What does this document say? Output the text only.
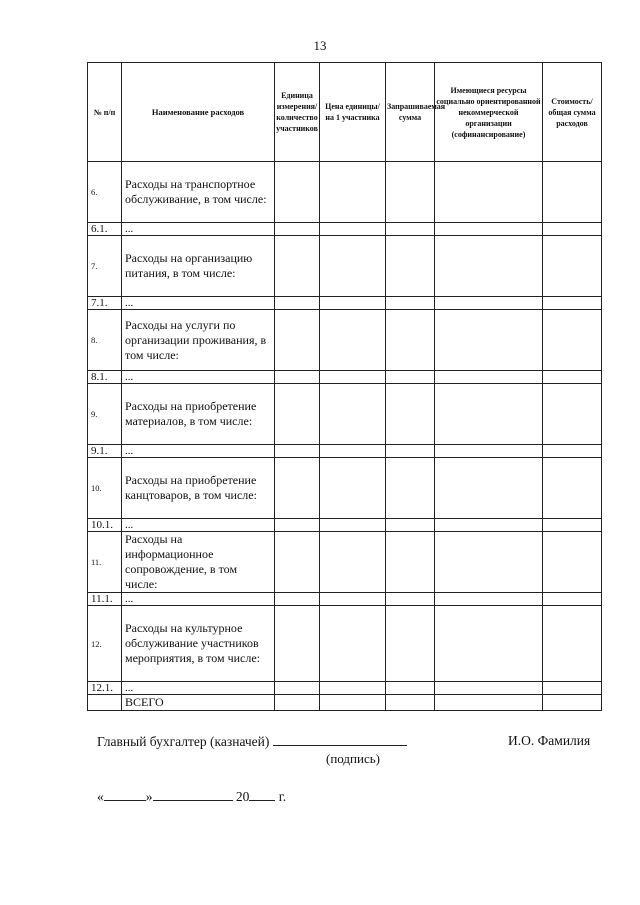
13
№ п/п	Наименование расходов	Единица измерения/ количество участников	Цена единицы/ на 1 участника	Запрашиваемая сумма	Имеющиеся ресурсы социально ориентированной некоммерческой организации (софинансирование)	Стоимость/ общая сумма расходов
6.	Расходы на транспортное обслуживание, в том числе:					
6.1.	...					
7.	Расходы на организацию питания, в том числе:					
7.1.	...					
8.	Расходы на услуги по организации проживания, в том числе:					
8.1.	...					
9.	Расходы на приобретение материалов, в том числе:					
9.1.	...					
10.	Расходы на приобретение канцтоваров, в том числе:					
10.1.	...					
11.	Расходы на информационное сопровождение, в том числе:					
11.1.	...					
12.	Расходы на культурное обслуживание участников мероприятия, в том числе:					
12.1.	...					
	ВСЕГО					
Главный бухгалтер (казначей)
(подпись)
И.О. Фамилия
«	»	20 г.
